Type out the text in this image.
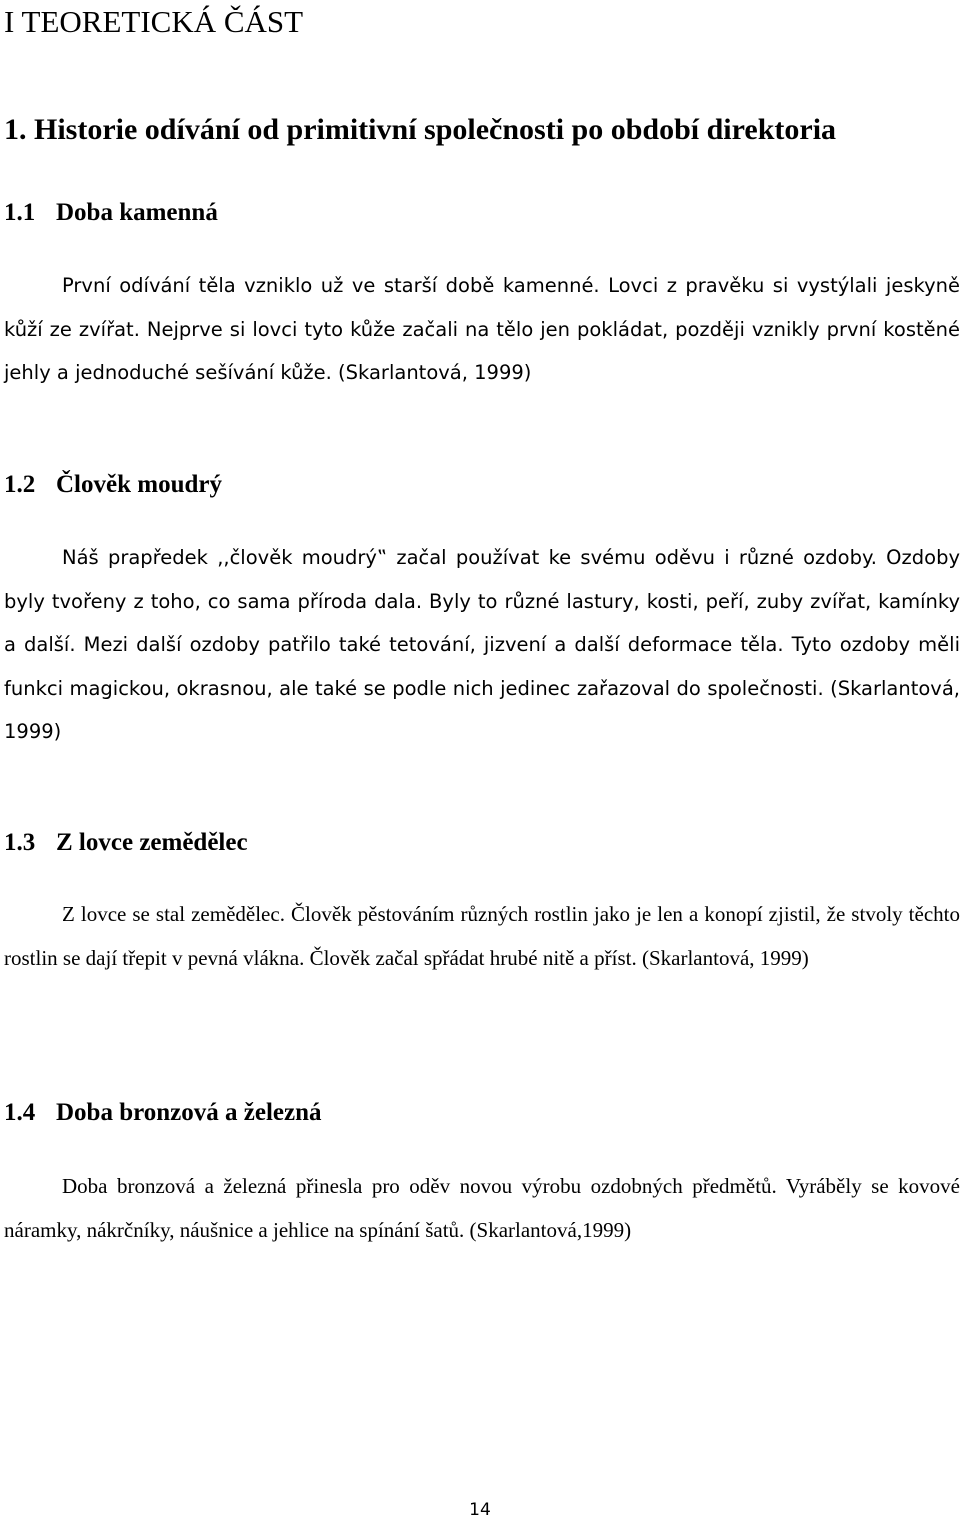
I TEORETICKÁ ČÁST
1. Historie odívání od primitivní společnosti po období direktoria
1.1 Doba kamenná

První odívání těla vzniklo už ve starší době kamenné. Lovci z pravěku si vystýlali jeskyně kůží ze zvířat. Nejprve si lovci tyto kůže začali na tělo jen pokládat, později vznikly první kostěné jehly a jednoduché sešívání kůže. (Skarlantová, 1999)

1.2 Člověk moudrý

Náš prapředek ,,člověk moudrý‟ začal používat ke svému oděvu i různé ozdoby. Ozdoby byly tvořeny z toho, co sama příroda dala. Byly to různé lastury, kosti, peří, zuby zvířat, kamínky a další. Mezi další ozdoby patřilo také tetování, jizvení a další deformace těla. Tyto ozdoby měli funkci magickou, okrasnou, ale také se podle nich jedinec zařazoval do společnosti. (Skarlantová, 1999)

1.3 Z lovce zemědělec

Z lovce se stal zemědělec. Člověk pěstováním různých rostlin jako je len a konopí zjistil, že stvoly těchto rostlin se dají třepit v pevná vlákna. Člověk začal spřádat hrubé nitě a příst. (Skarlantová, 1999)

1.4 Doba bronzová a železná

Doba bronzová a železná přinesla pro oděv novou výrobu ozdobných předmětů. Vyráběly se kovové náramky, nákrčníky, náušnice a jehlice na spínání šatů. (Skarlantová,1999)

14
